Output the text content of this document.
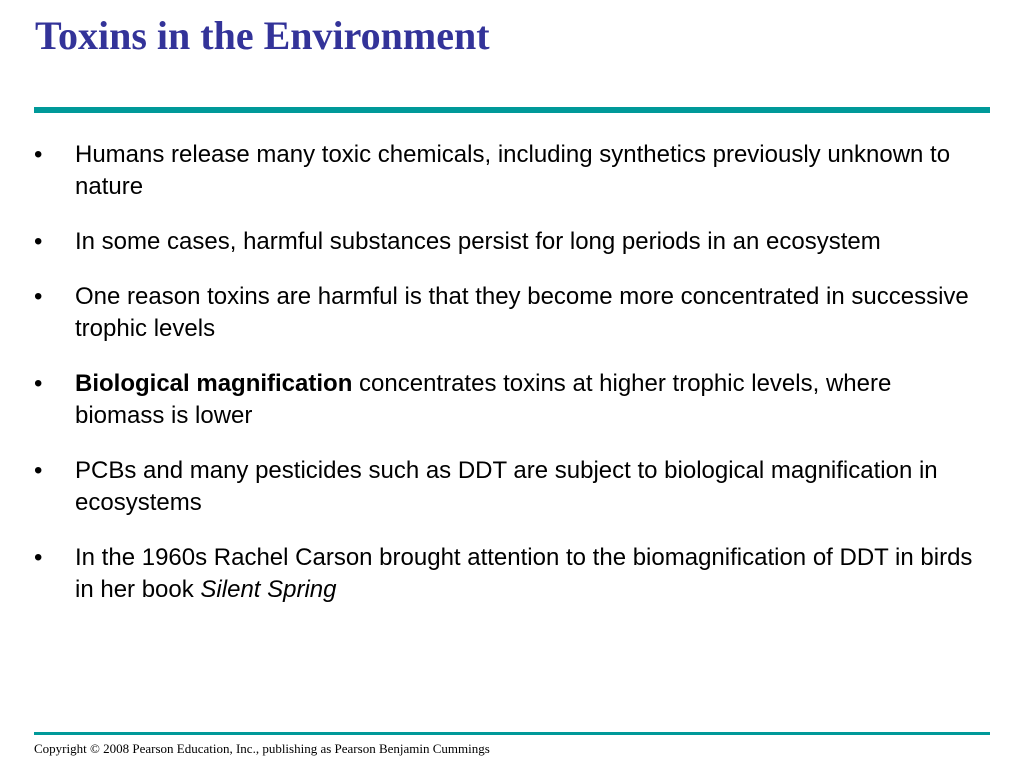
Toxins in the Environment
•	Humans release many toxic chemicals, including synthetics previously unknown to nature
•	In some cases, harmful substances persist for long periods in an ecosystem
•	One reason toxins are harmful is that they become more concentrated in successive trophic levels
•	Biological magnification concentrates toxins at higher trophic levels, where biomass is lower
•	PCBs and many pesticides such as DDT are subject to biological magnification in ecosystems
•	In the 1960s Rachel Carson brought attention to the biomagnification of DDT in birds in her book Silent Spring
Copyright © 2008 Pearson Education, Inc., publishing as Pearson Benjamin Cummings
